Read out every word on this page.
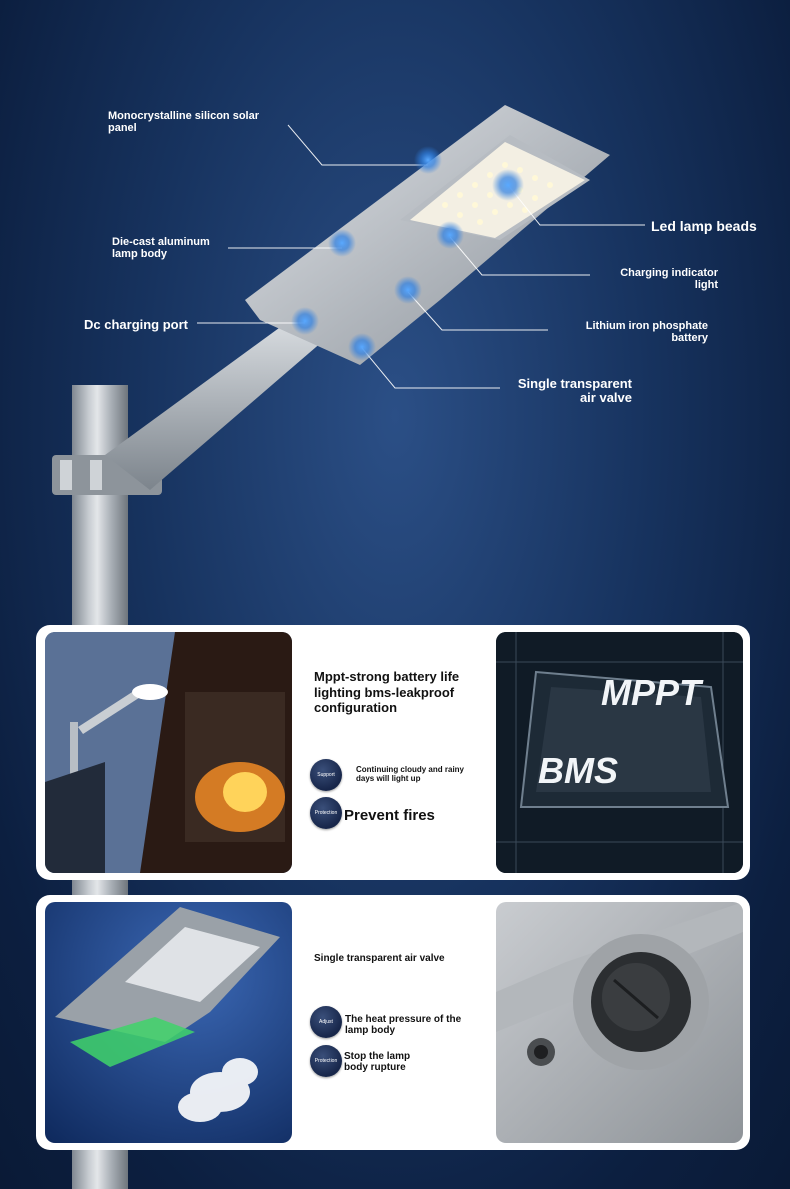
Monocrystalline silicon solar panel
Die-cast aluminum lamp body
Dc charging port
Led lamp beads
Charging indicator light
Lithium iron phosphate battery
Single transparent air valve
Mppt-strong battery life lighting bms-leakproof configuration
Support
Continuing cloudy and rainy days will light up
Protection Prevent fires
MPPT
BMS
Single transparent air valve
Adjust	The heat pressure of the lamp body
Protection Stop the lamp body rupture
